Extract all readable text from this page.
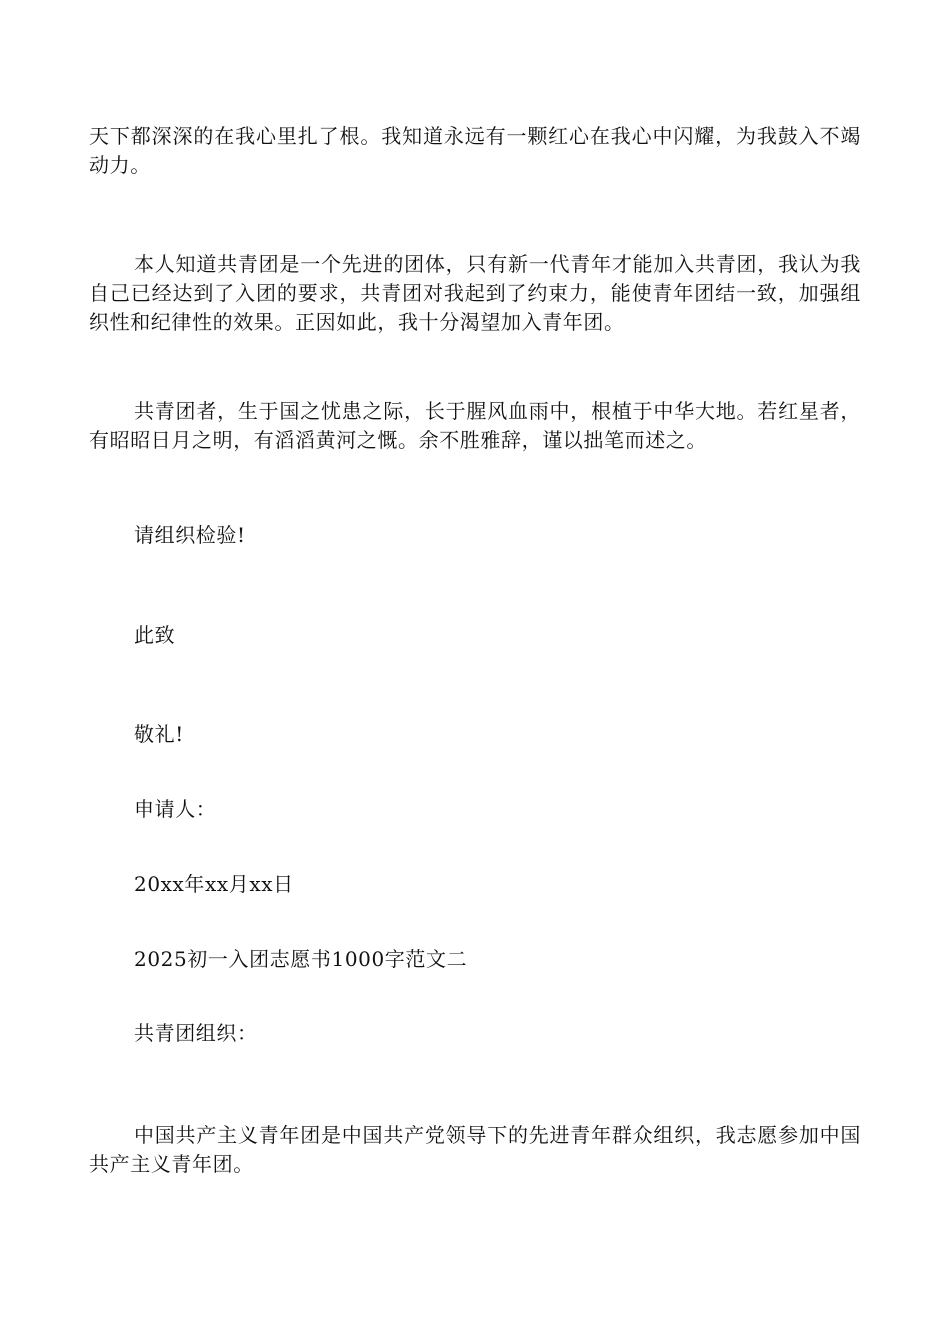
天下都深深的在我心里扎了根。我知道永远有一颗红心在我心中闪耀，为我鼓入不竭动力。

本人知道共青团是一个先进的团体，只有新一代青年才能加入共青团，我认为我自己已经达到了入团的要求，共青团对我起到了约束力，能使青年团结一致，加强组织性和纪律性的效果。正因如此，我十分渴望加入青年团。

共青团者，生于国之忧患之际，长于腥风血雨中，根植于中华大地。若红星者，有昭昭日月之明，有滔滔黄河之慨。余不胜雅辞，谨以拙笔而述之。

请组织检验!

此致

敬礼!

申请人：

20xx年xx月xx日

2025初一入团志愿书1000字范文二

共青团组织：

中国共产主义青年团是中国共产党领导下的先进青年群众组织，我志愿参加中国共产主义青年团。
